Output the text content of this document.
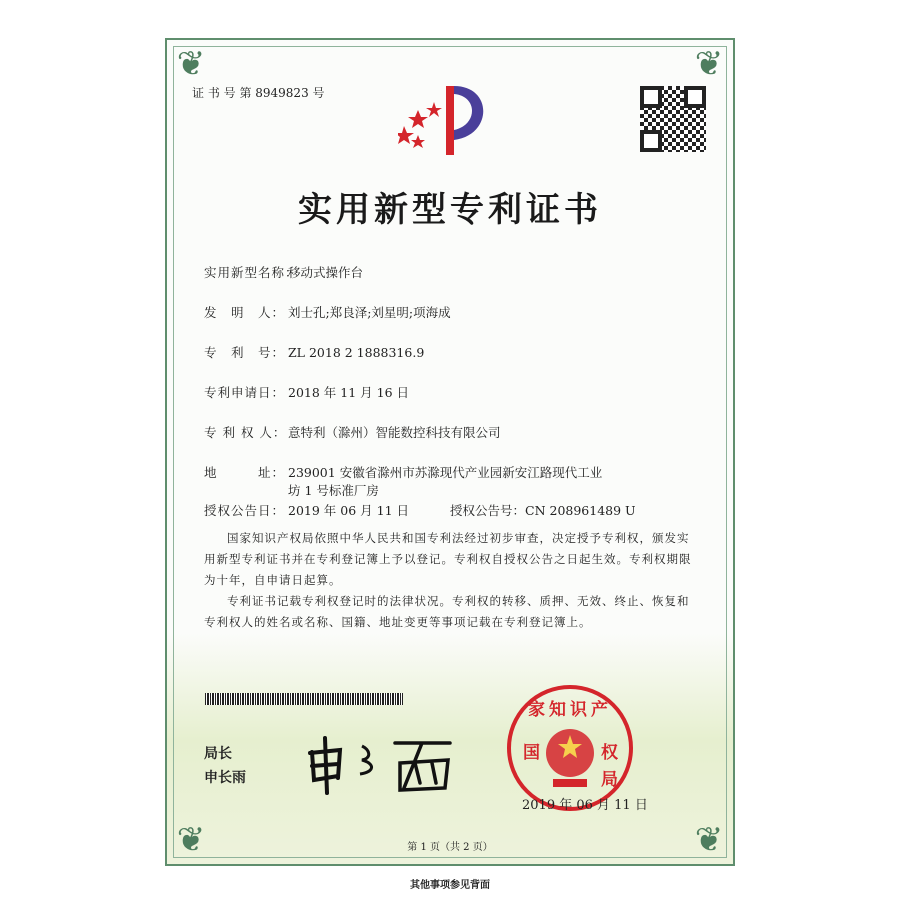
❦	❦
❦	❦
证 书 号 第 8949823 号
实用新型专利证书
实用新型名称：移动式操作台
发　明　人： 刘士孔;郑良泽;刘星明;项海成
专　利　号： ZL 2018 2 1888316.9
专利申请日： 2018 年 11 月 16 日
专 利 权 人： 意特利（滁州）智能数控科技有限公司
地　　　址： 239001 安徽省滁州市苏滁现代产业园新安江路现代工业
坊 1 号标准厂房
授权公告日： 2019 年 06 月 11 日	授权公告号：CN 208961489 U
国家知识产权局依照中华人民共和国专利法经过初步审查，决定授予专利权，颁发实用新型专利证书并在专利登记簿上予以登记。专利权自授权公告之日起生效。专利权期限为十年，自申请日起算。
专利证书记载专利权登记时的法律状况。专利权的转移、质押、无效、终止、恢复和专利权人的姓名或名称、国籍、地址变更等事项记载在专利登记簿上。
局长
申长雨
家知识产
国	权
局
2019 年 06 月 11 日
第 1 页（共 2 页）
其他事项参见背面
